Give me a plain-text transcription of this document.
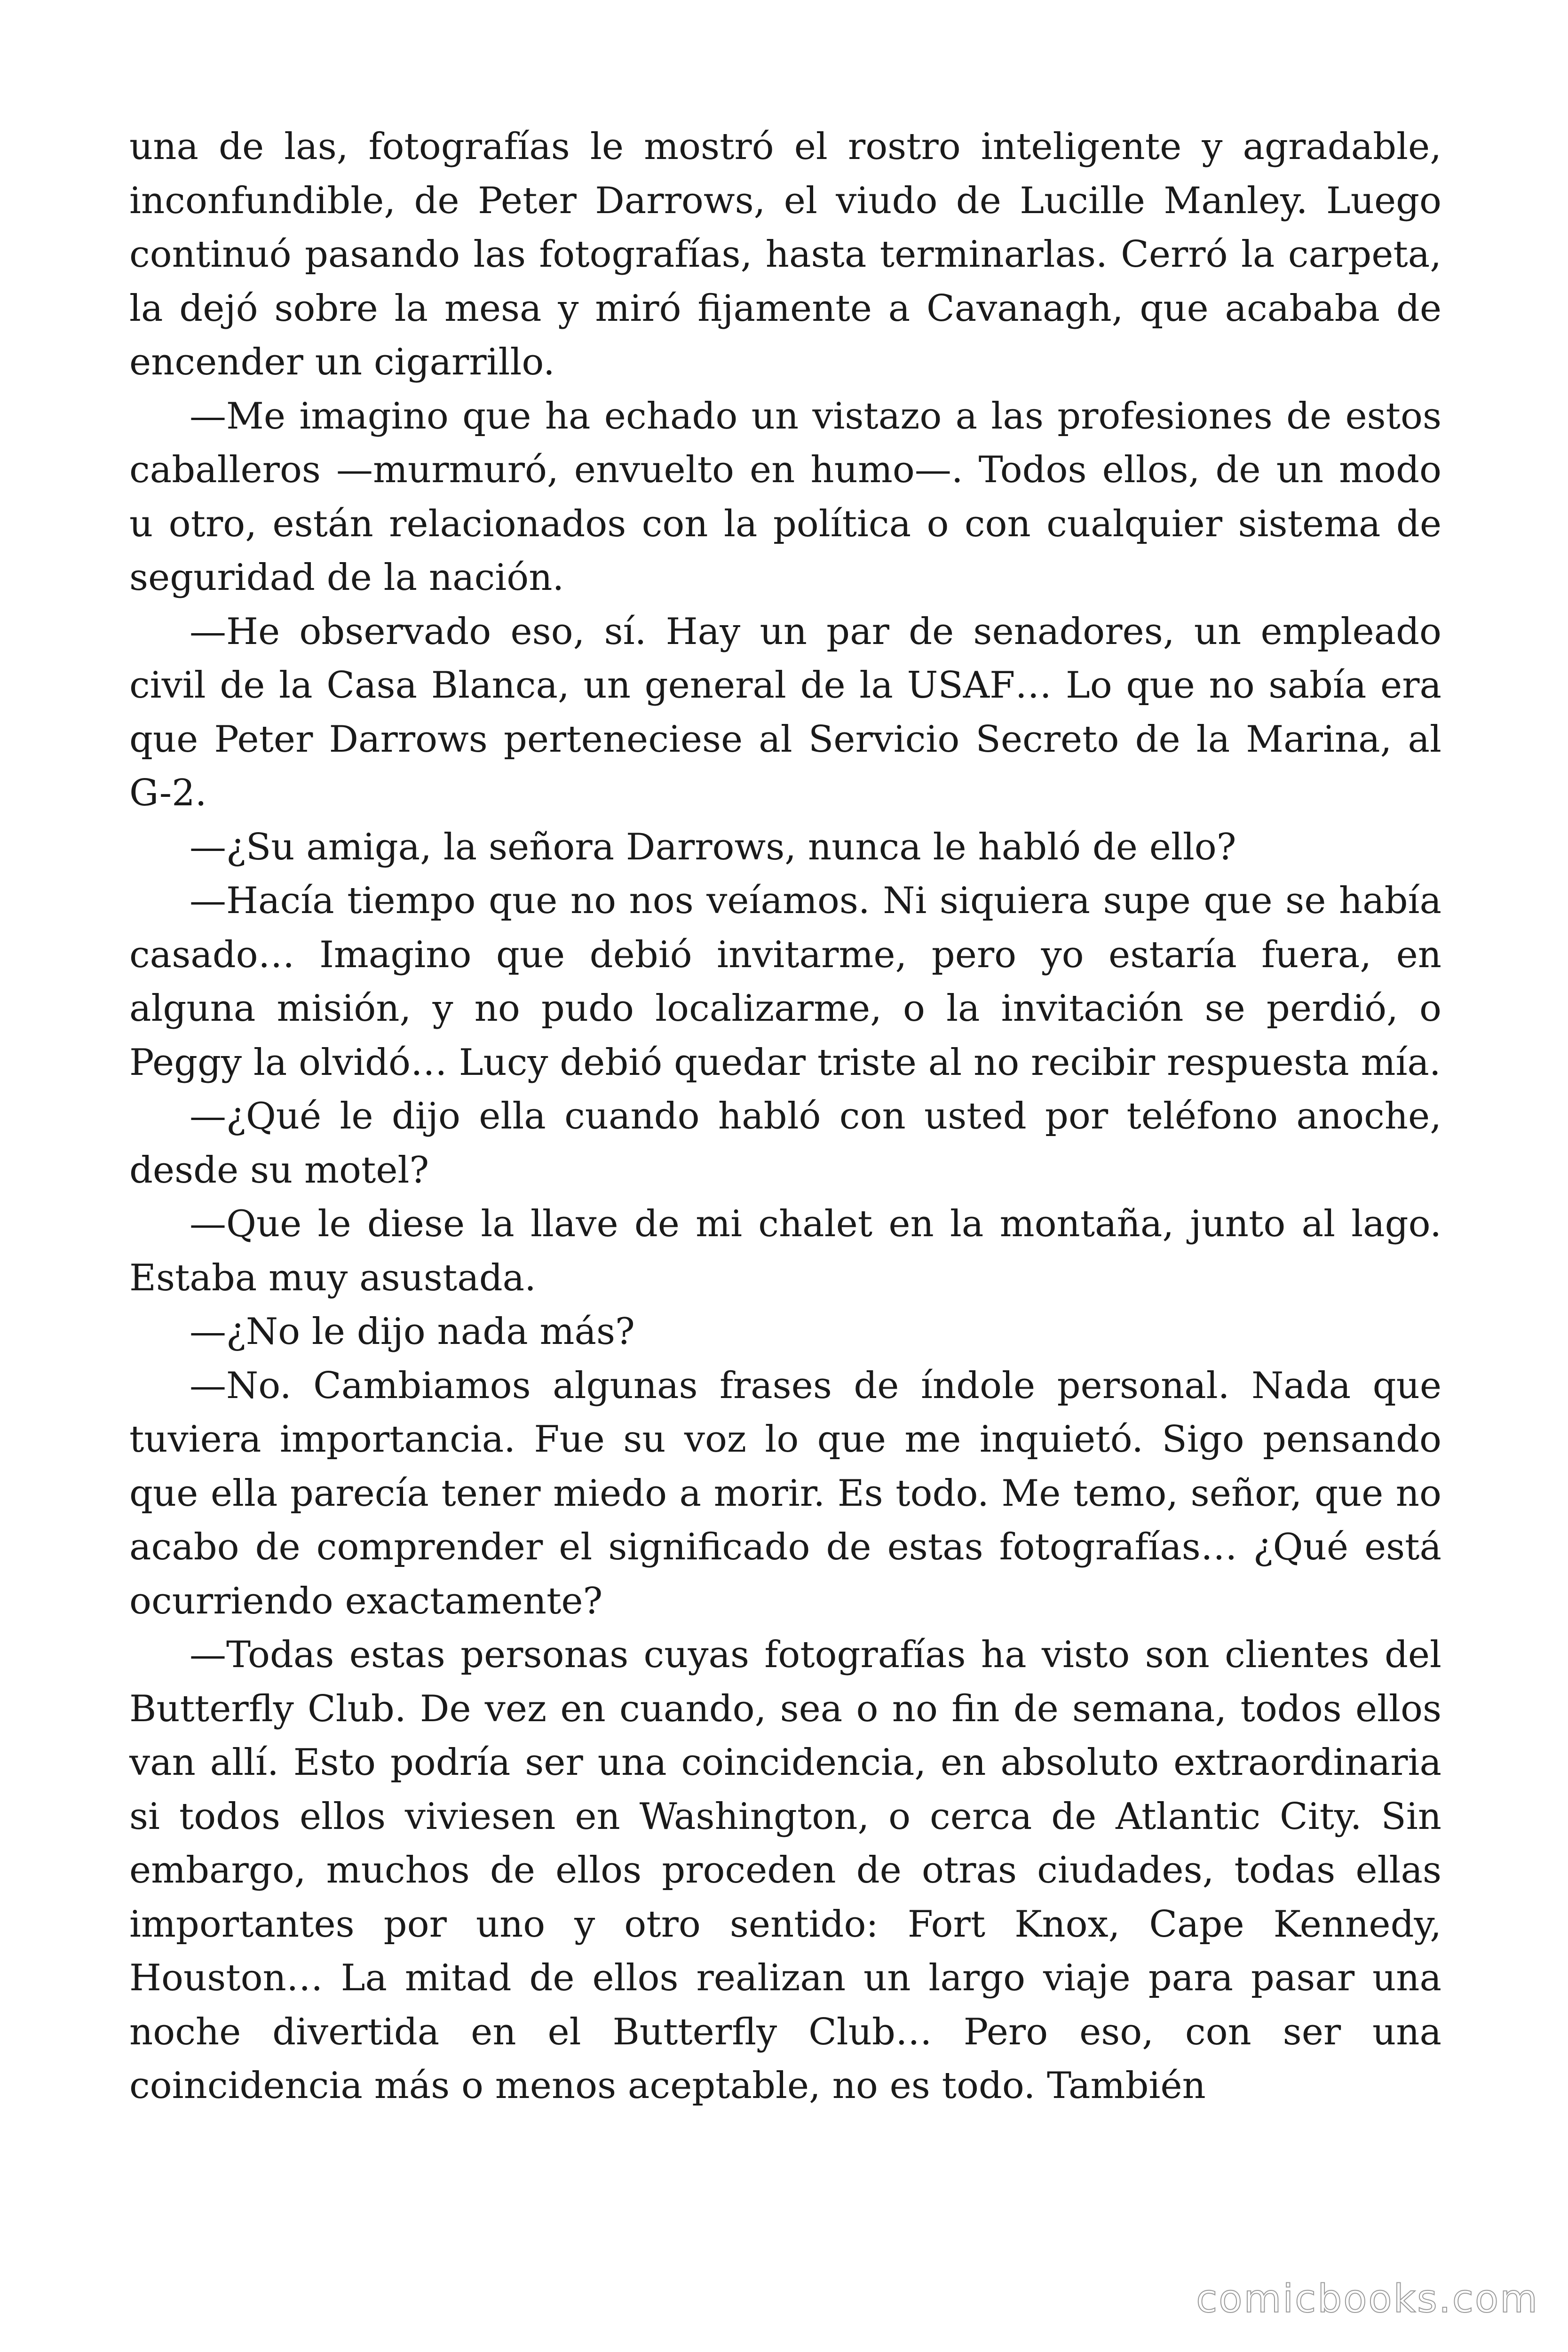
una de las, fotografías le mostró el rostro inteligente y agradable, inconfundible, de Peter Darrows, el viudo de Lucille Manley. Luego continuó pasando las fotografías, hasta terminarlas. Cerró la carpeta, la dejó sobre la mesa y miró fijamente a Cavanagh, que acababa de encender un cigarrillo.

—Me imagino que ha echado un vistazo a las profesiones de estos caballeros —murmuró, envuelto en humo—. Todos ellos, de un modo u otro, están relacionados con la política o con cualquier sistema de seguridad de la nación.

—He observado eso, sí. Hay un par de senadores, un empleado civil de la Casa Blanca, un general de la USAF… Lo que no sabía era que Peter Darrows perteneciese al Servicio Secreto de la Marina, al G-2.

—¿Su amiga, la señora Darrows, nunca le habló de ello?

—Hacía tiempo que no nos veíamos. Ni siquiera supe que se había casado… Imagino que debió invitarme, pero yo estaría fuera, en alguna misión, y no pudo localizarme, o la invitación se perdió, o Peggy la olvidó… Lucy debió quedar triste al no recibir respuesta mía.

—¿Qué le dijo ella cuando habló con usted por teléfono anoche, desde su motel?

—Que le diese la llave de mi chalet en la montaña, junto al lago. Estaba muy asustada.

—¿No le dijo nada más?

—No. Cambiamos algunas frases de índole personal. Nada que tuviera importancia. Fue su voz lo que me inquietó. Sigo pensando que ella parecía tener miedo a morir. Es todo. Me temo, señor, que no acabo de comprender el significado de estas fotografías… ¿Qué está ocurriendo exactamente?

—Todas estas personas cuyas fotografías ha visto son clientes del Butterfly Club. De vez en cuando, sea o no fin de semana, todos ellos van allí. Esto podría ser una coincidencia, en absoluto extraordinaria si todos ellos viviesen en Washington, o cerca de Atlantic City. Sin embargo, muchos de ellos proceden de otras ciudades, todas ellas importantes por uno y otro sentido: Fort Knox, Cape Kennedy, Houston… La mitad de ellos realizan un largo viaje para pasar una noche divertida en el Butterfly Club… Pero eso, con ser una coincidencia más o menos aceptable, no es todo. También

comicbooks.com
